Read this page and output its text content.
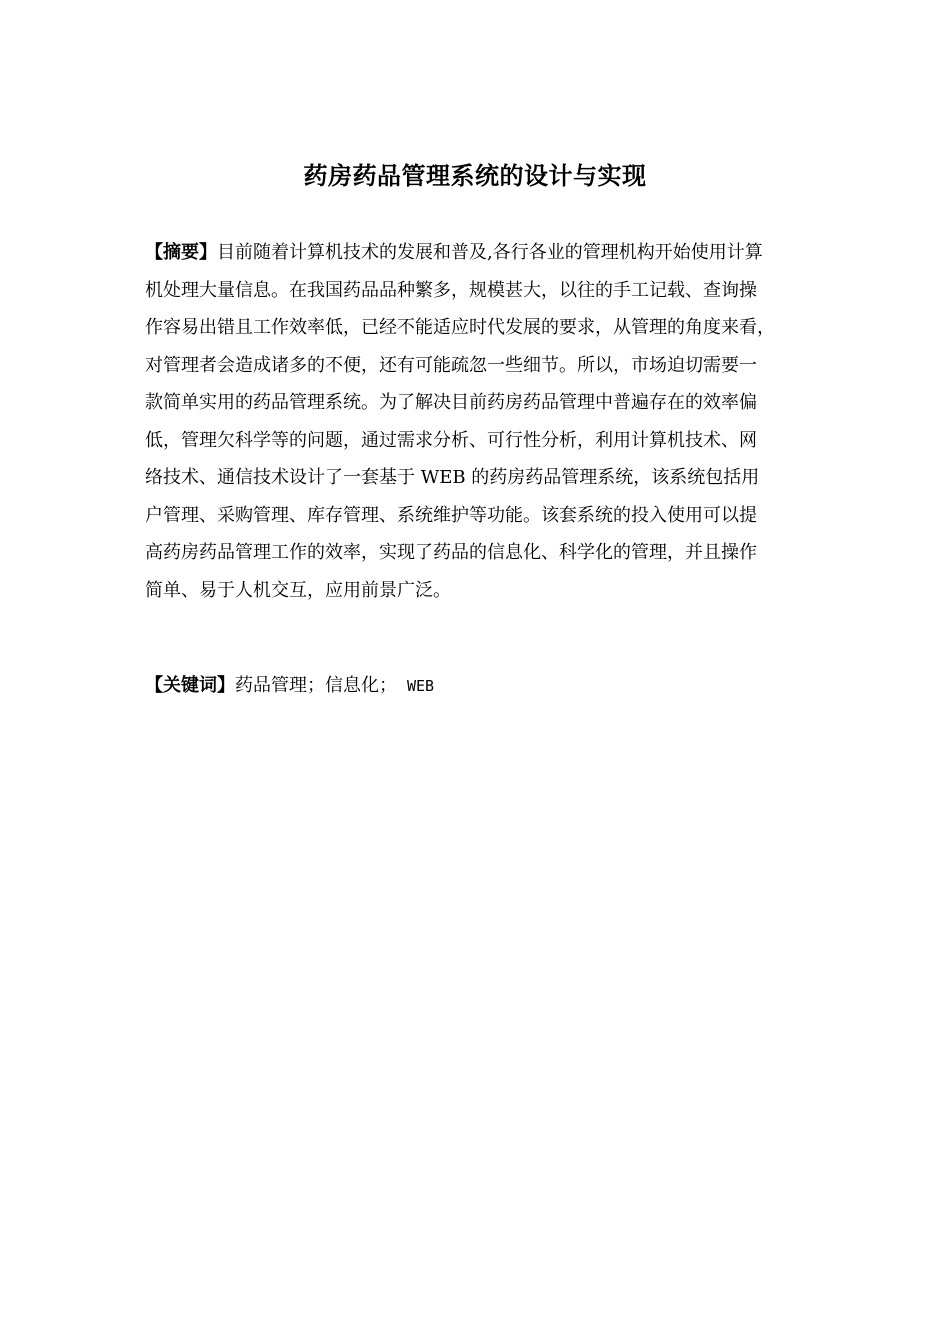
药房药品管理系统的设计与实现
【摘要】目前随着计算机技术的发展和普及,各行各业的管理机构开始使用计算
机处理大量信息。在我国药品品种繁多，规模甚大，以往的手工记载、查询操
作容易出错且工作效率低，已经不能适应时代发展的要求，从管理的角度来看，
对管理者会造成诸多的不便，还有可能疏忽一些细节。所以，市场迫切需要一
款简单实用的药品管理系统。为了解决目前药房药品管理中普遍存在的效率偏
低，管理欠科学等的问题，通过需求分析、可行性分析，利用计算机技术、网
络技术、通信技术设计了一套基于 WEB 的药房药品管理系统，该系统包括用
户管理、采购管理、库存管理、系统维护等功能。该套系统的投入使用可以提
高药房药品管理工作的效率，实现了药品的信息化、科学化的管理，并且操作
简单、易于人机交互，应用前景广泛。
【关键词】药品管理；信息化； WEB
